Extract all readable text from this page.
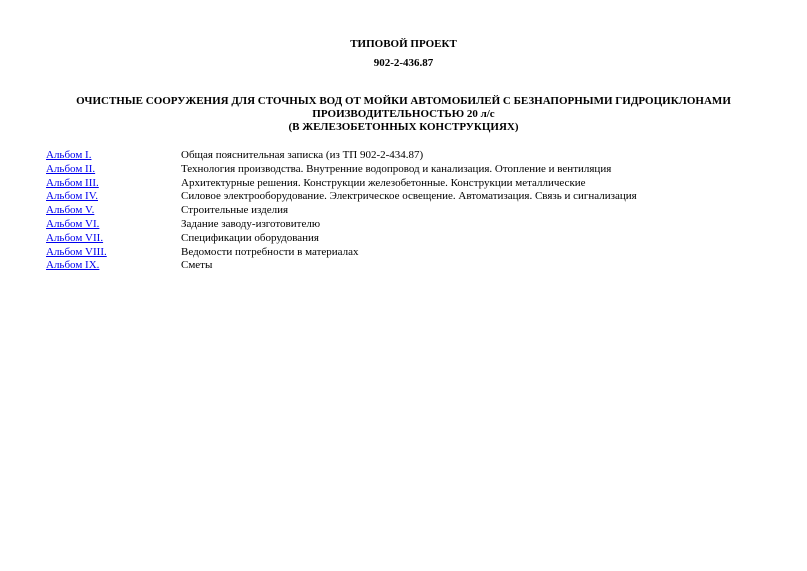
ТИПОВОЙ ПРОЕКТ
902-2-436.87
ОЧИСТНЫЕ СООРУЖЕНИЯ ДЛЯ СТОЧНЫХ ВОД ОТ МОЙКИ АВТОМОБИЛЕЙ С БЕЗНАПОРНЫМИ ГИДРОЦИКЛОНАМИ
ПРОИЗВОДИТЕЛЬНОСТЬЮ 20 л/с
(В ЖЕЛЕЗОБЕТОННЫХ КОНСТРУКЦИЯХ)
Альбом I.	Общая пояснительная записка (из ТП 902-2-434.87)
Альбом II.	Технология производства. Внутренние водопровод и канализация. Отопление и вентиляция
Альбом III.	Архитектурные решения. Конструкции железобетонные. Конструкции металлические
Альбом IV.	Силовое электрооборудование. Электрическое освещение. Автоматизация. Связь и сигнализация
Альбом V.	Строительные изделия
Альбом VI.	Задание заводу-изготовителю
Альбом VII.	Спецификации оборудования
Альбом VIII.	Ведомости потребности в материалах
Альбом IX.	Сметы
